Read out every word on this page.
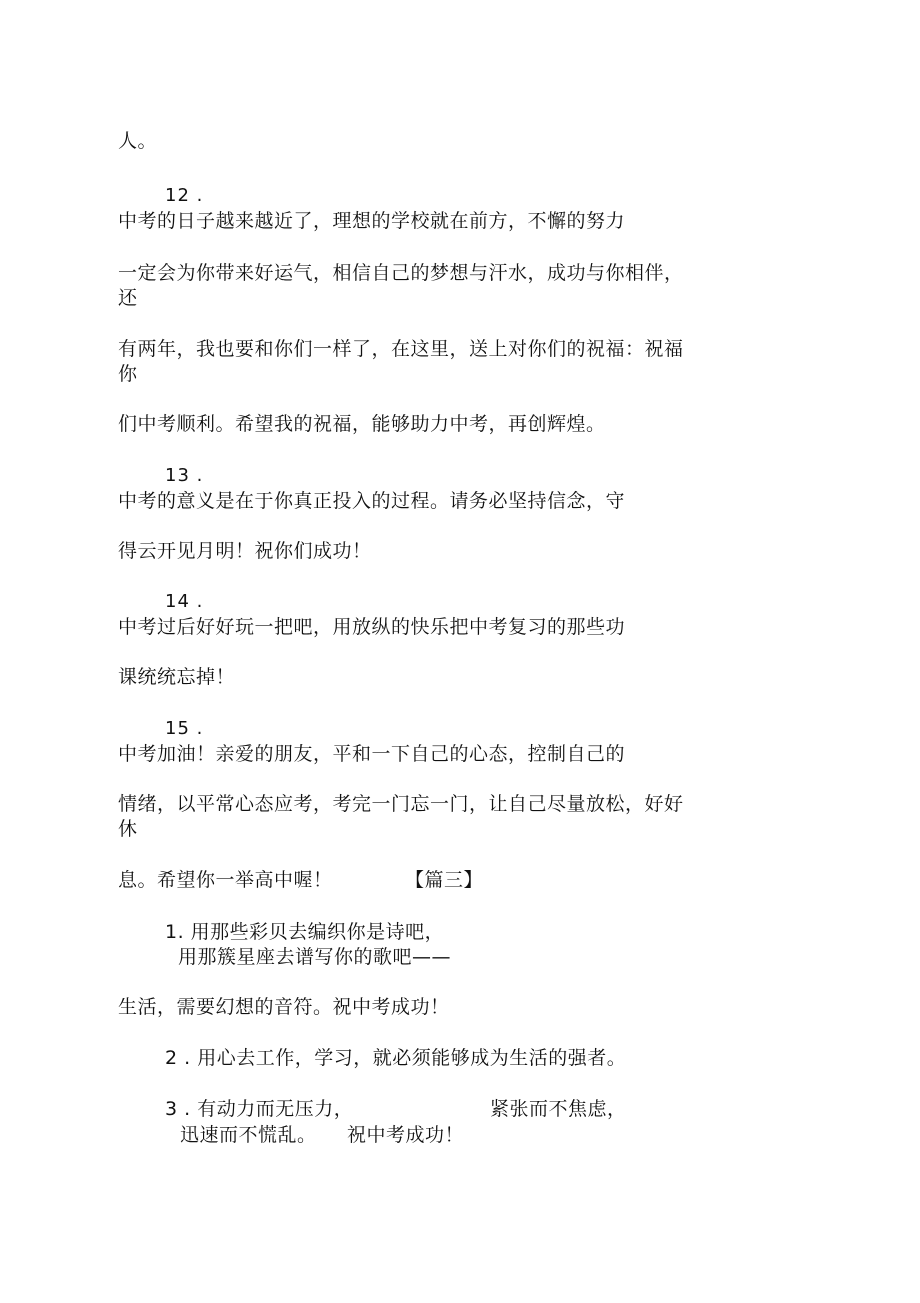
人。
12 .
中考的日子越来越近了，理想的学校就在前方，不懈的努力
一定会为你带来好运气，相信自己的梦想与汗水，成功与你相伴，
还
有两年，我也要和你们一样了，在这里，送上对你们的祝福：祝福
你
们中考顺利。希望我的祝福，能够助力中考，再创辉煌。
13 .
中考的意义是在于你真正投入的过程。请务必坚持信念，守
得云开见月明！祝你们成功！
14 .
中考过后好好玩一把吧，用放纵的快乐把中考复习的那些功
课统统忘掉！
15 .
中考加油！亲爱的朋友，平和一下自己的心态，控制自己的
情绪，以平常心态应考，考完一门忘一门，让自己尽量放松，好好
休
息。希望你一举高中喔！	【篇三】
1. 用那些彩贝去编织你是诗吧，
用那簇星座去谱写你的歌吧——
生活，需要幻想的音符。祝中考成功！
2 . 用心去工作，学习，就必须能够成为生活的强者。
3 . 有动力而无压力，	紧张而不焦虑，
迅速而不慌乱。 祝中考成功！
